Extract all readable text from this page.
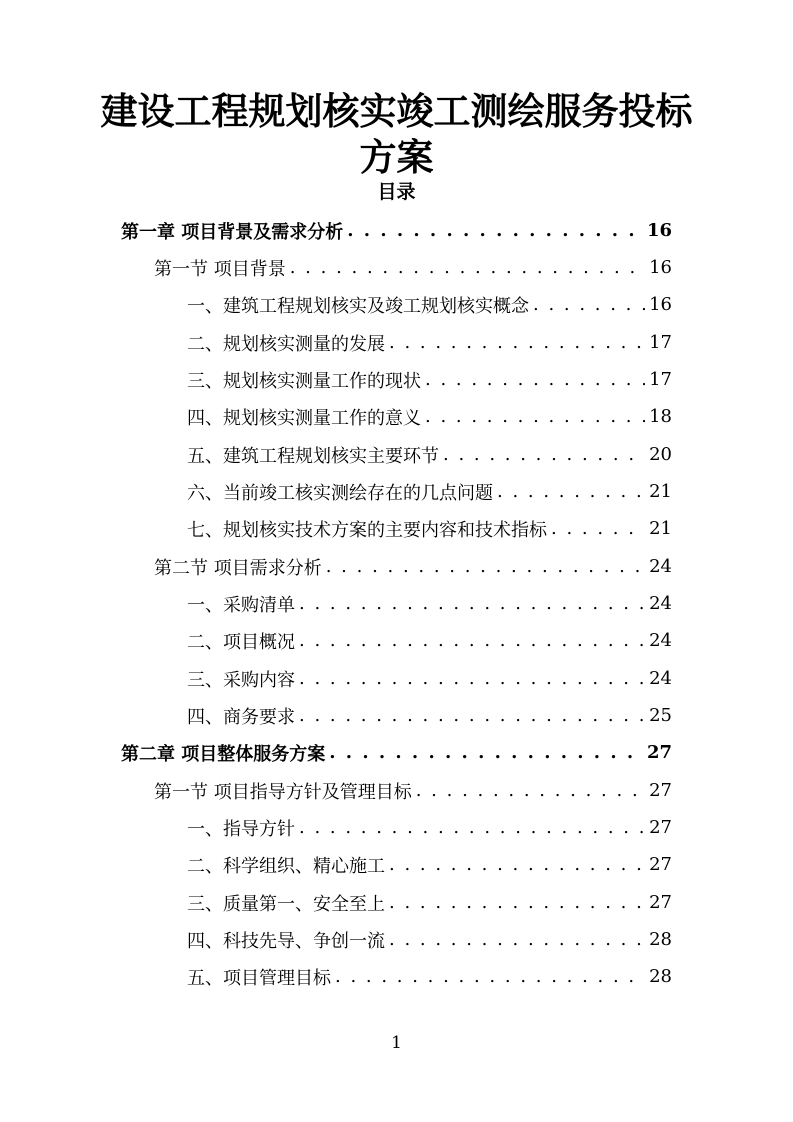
建设工程规划核实竣工测绘服务投标方案
目录
第一章 项目背景及需求分析 . . .	16
第一节 项目背景 . . .	16
一、建筑工程规划核实及竣工规划核实概念 . . .	16
二、规划核实测量的发展 . . .	17
三、规划核实测量工作的现状 . . .	17
四、规划核实测量工作的意义 . . .	18
五、建筑工程规划核实主要环节 . . .	20
六、当前竣工核实测绘存在的几点问题 . . .	21
七、规划核实技术方案的主要内容和技术指标 . . .	21
第二节 项目需求分析 . . .	24
一、采购清单 . . .	24
二、项目概况 . . .	24
三、采购内容 . . .	24
四、商务要求 . . .	25
第二章 项目整体服务方案 . . .	27
第一节 项目指导方针及管理目标 . . .	27
一、指导方针 . . .	27
二、科学组织、精心施工 . . .	27
三、质量第一、安全至上 . . .	27
四、科技先导、争创一流 . . .	28
五、项目管理目标 . . .	28
1
